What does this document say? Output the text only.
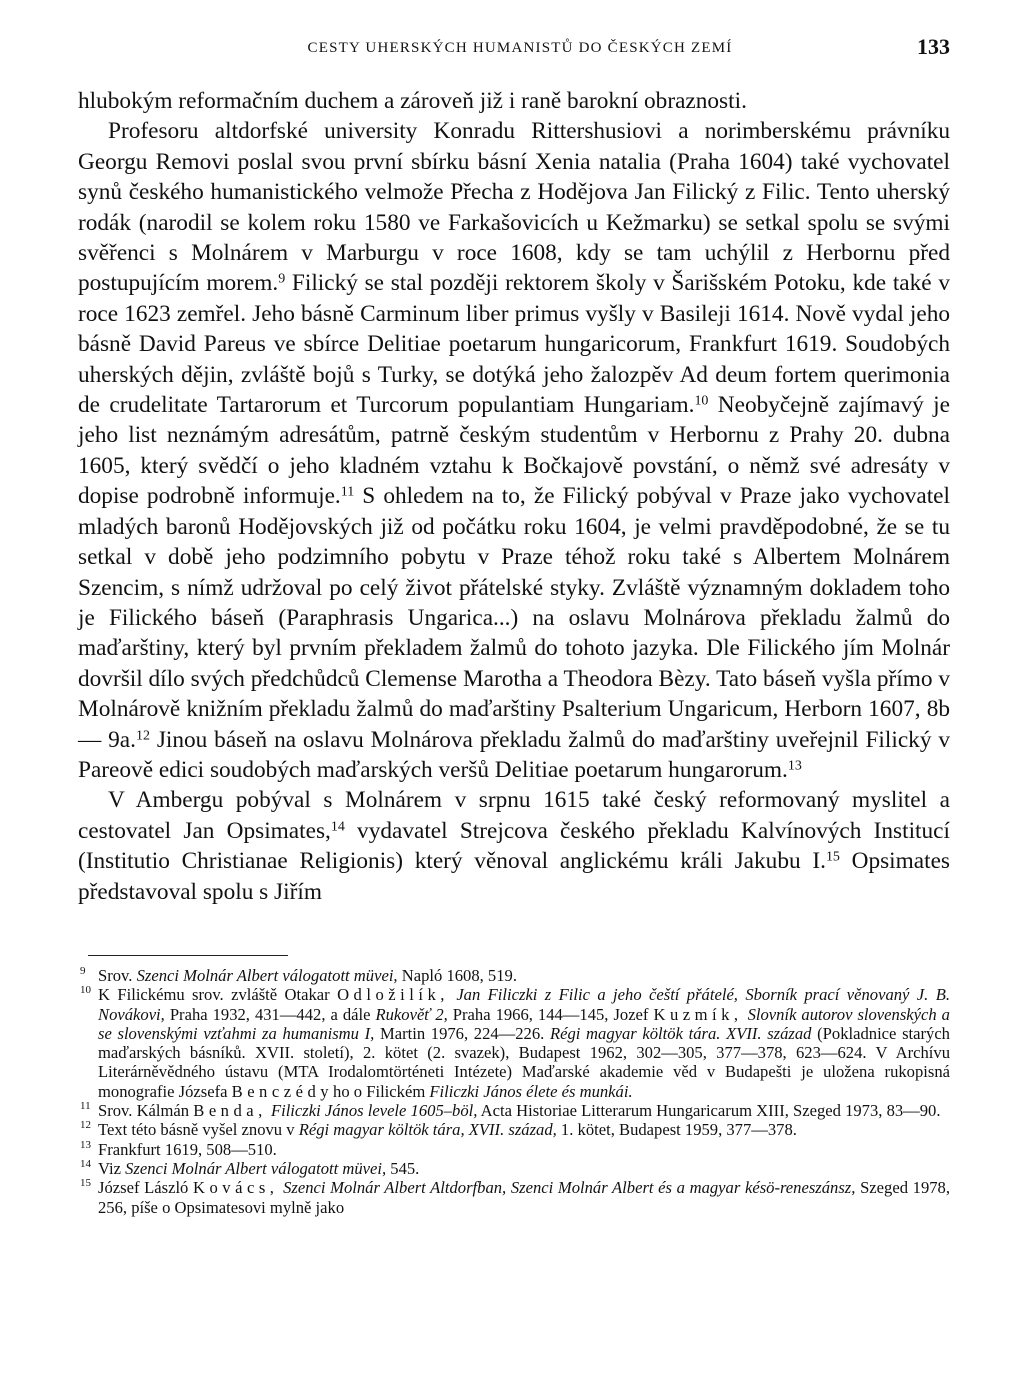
CESTY UHERSKÝCH HUMANISTŮ DO ČESKÝCH ZEMÍ	133

hlubokým reformačním duchem a zároveň již i raně barokní obraznosti.

Profesoru altdorfské university Konradu Rittershusiovi a norimberskému právníku Georgu Removi poslal svou první sbírku básní Xenia natalia (Praha 1604) také vychovatel synů českého humanistického velmože Přecha z Hodějova Jan Filický z Filic. Tento uherský rodák (narodil se kolem roku 1580 ve Farkašovicích u Kežmarku) se setkal spolu se svými svěřenci s Molnárem v Marburgu v roce 1608, kdy se tam uchýlil z Herbornu před postupujícím morem.$^9$ Filický se stal později rektorem školy v Šarišském Potoku, kde také v roce 1623 zemřel. Jeho básně Carminum liber primus vyšly v Basileji 1614. Nově vydal jeho básně David Pareus ve sbírce Delitiae poetarum hungaricorum, Frankfurt 1619. Soudobých uherských dějin, zvláště bojů s Turky, se dotýká jeho žalozpěv Ad deum fortem querimonia de crudelitate Tartarorum et Turcorum populantiam Hungariam.$^{10}$ Neobyčejně zajímavý je jeho list neznámým adresátům, patrně českým studentům v Herbornu z Prahy 20. dubna 1605, který svědčí o jeho kladném vztahu k Bočkajově povstání, o němž své adresáty v dopise podrobně informuje.$^{11}$ S ohledem na to, že Filický pobýval v Praze jako vychovatel mladých baronů Hodějovských již od počátku roku 1604, je velmi pravděpodobné, že se tu setkal v době jeho podzimního pobytu v Praze téhož roku také s Albertem Molnárem Szencim, s nímž udržoval po celý život přátelské styky. Zvláště významným dokladem toho je Filického báseň (Paraphrasis Ungarica...) na oslavu Molnárova překladu žalmů do maďarštiny, který byl prvním překladem žalmů do tohoto jazyka. Dle Filického jím Molnár dovršil dílo svých předchůdců Clemense Marotha a Theodora Bèzy. Tato báseň vyšla přímo v Molnárově knižním překladu žalmů do maďarštiny Psalterium Ungaricum, Herborn 1607, 8b — 9a.$^{12}$ Jinou báseň na oslavu Molnárova překladu žalmů do maďarštiny uveřejnil Filický v Pareově edici soudobých maďarských veršů Delitiae poetarum hungarorum.$^{13}$

V Ambergu pobýval s Molnárem v srpnu 1615 také český reformovaný myslitel a cestovatel Jan Opsimates,$^{14}$ vydavatel Strejcova českého překladu Kalvínových Institucí (Institutio Christianae Religionis) který věnoval anglickému králi Jakubu I.$^{15}$ Opsimates představoval spolu s Jiřím

9 Srov. Szenci Molnár Albert válogatott müvei, Napló 1608, 519.
10 K Filickému srov. zvláště Otakar Odložilík, Jan Filiczki z Filic a jeho čeští přátelé, Sborník prací věnovaný J. B. Novákovi, Praha 1932, 431—442, a dále Rukověť 2, Praha 1966, 144—145, Jozef Kuzmík, Slovník autorov slovenských a se slovenskými vzťahmi za humanismu I, Martin 1976, 224—226. Régi magyar költök tára. XVII. század (Pokladnice starých maďarských básníků. XVII. století), 2. kötet (2. svazek), Budapest 1962, 302—305, 377—378, 623—624. V Archívu Literárněvědného ústavu (MTA Irodalomtörténeti Intézete) Maďarské akademie věd v Budapešti je uložena rukopisná monografie Józsefa Benczédyho o Filickém Filiczki János élete és munkái.
11 Srov. Kálmán Benda, Filiczki János levele 1605–böl, Acta Historiae Litterarum Hungaricarum XIII, Szeged 1973, 83—90.
12 Text této básně vyšel znovu v Régi magyar költök tára, XVII. század, 1. kötet, Budapest 1959, 377—378.
13 Frankfurt 1619, 508—510.
14 Viz Szenci Molnár Albert válogatott müvei, 545.
15 József László Kovács, Szenci Molnár Albert Altdorfban, Szenci Molnár Albert és a magyar késö-reneszánsz, Szeged 1978, 256, píše o Opsimatesovi mylně jako
